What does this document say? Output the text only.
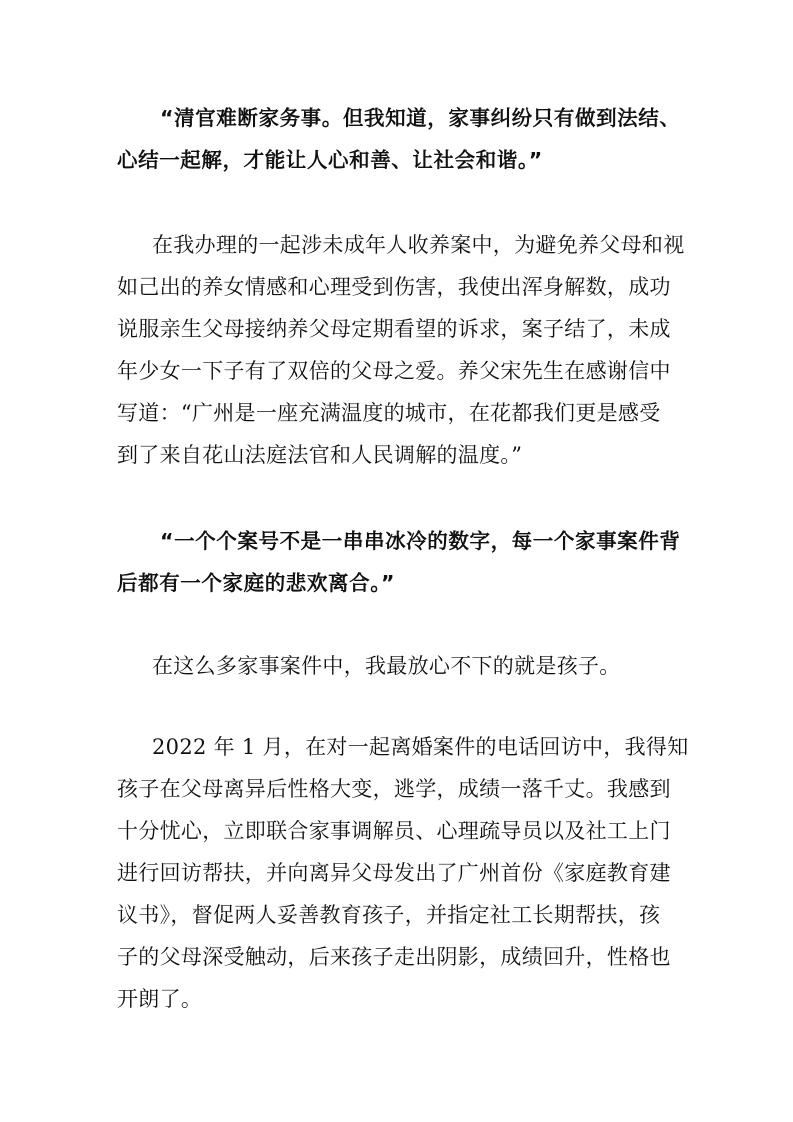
“清官难断家务事。但我知道，家事纠纷只有做到法结、
心结一起解，才能让人心和善、让社会和谐。”
在我办理的一起涉未成年人收养案中，为避免养父母和视
如己出的养女情感和心理受到伤害，我使出浑身解数，成功
说服亲生父母接纳养父母定期看望的诉求，案子结了，未成
年少女一下子有了双倍的父母之爱。养父宋先生在感谢信中
写道：“广州是一座充满温度的城市，在花都我们更是感受
到了来自花山法庭法官和人民调解的温度。”
“一个个案号不是一串串冰冷的数字，每一个家事案件背
后都有一个家庭的悲欢离合。”
在这么多家事案件中，我最放心不下的就是孩子。
2022 年 1 月，在对一起离婚案件的电话回访中，我得知
孩子在父母离异后性格大变，逃学，成绩一落千丈。我感到
十分忧心，立即联合家事调解员、心理疏导员以及社工上门
进行回访帮扶，并向离异父母发出了广州首份《家庭教育建
议书》，督促两人妥善教育孩子，并指定社工长期帮扶，孩
子的父母深受触动，后来孩子走出阴影，成绩回升，性格也
开朗了。
